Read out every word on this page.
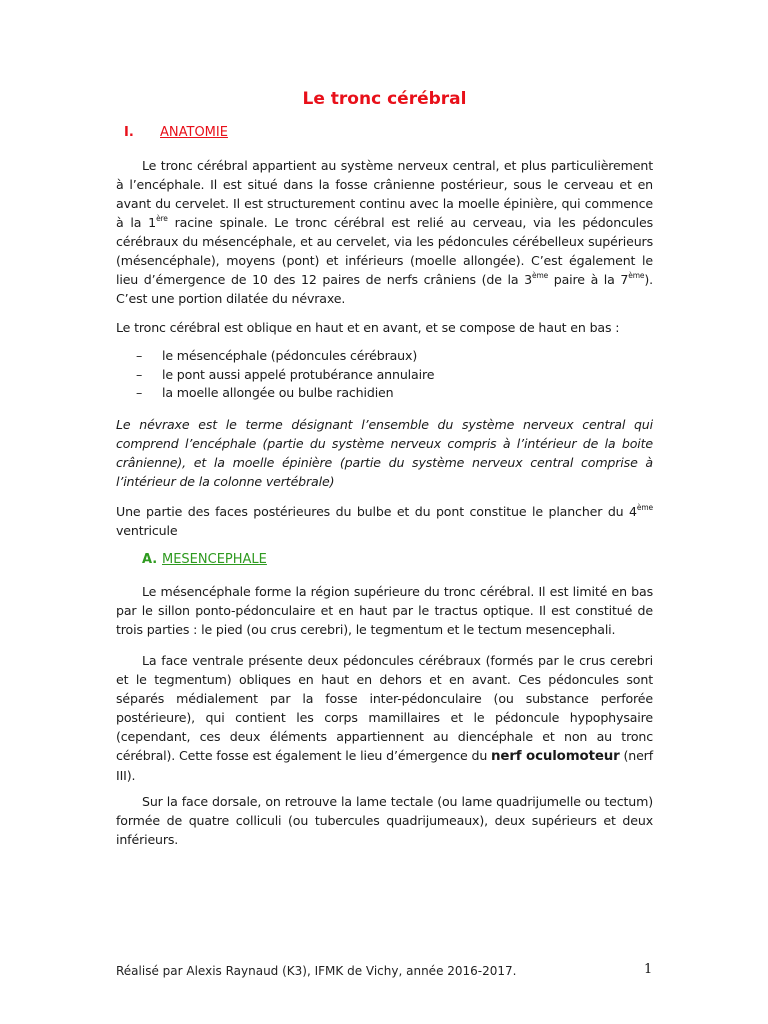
Le tronc cérébral
I. ANATOMIE

Le tronc cérébral appartient au système nerveux central, et plus particulièrement à l’encéphale. Il est situé dans la fosse crânienne postérieur, sous le cerveau et en avant du cervelet. Il est structurement continu avec la moelle épinière, qui commence à la 1ère racine spinale. Le tronc cérébral est relié au cerveau, via les pédoncules cérébraux du mésencéphale, et au cervelet, via les pédoncules cérébelleux supérieurs (mésencéphale), moyens (pont) et inférieurs (moelle allongée). C’est également le lieu d’émergence de 10 des 12 paires de nerfs crâniens (de la 3ème paire à la 7ème). C’est une portion dilatée du névraxe.

Le tronc cérébral est oblique en haut et en avant, et se compose de haut en bas :

– le mésencéphale (pédoncules cérébraux)
– le pont aussi appelé protubérance annulaire
– la moelle allongée ou bulbe rachidien

Le névraxe est le terme désignant l’ensemble du système nerveux central qui comprend l’encéphale (partie du système nerveux compris à l’intérieur de la boite crânienne), et la moelle épinière (partie du système nerveux central comprise à l’intérieur de la colonne vertébrale)

Une partie des faces postérieures du bulbe et du pont constitue le plancher du 4ème ventricule

A. MESENCEPHALE

Le mésencéphale forme la région supérieure du tronc cérébral. Il est limité en bas par le sillon ponto-pédonculaire et en haut par le tractus optique. Il est constitué de trois parties : le pied (ou crus cerebri), le tegmentum et le tectum mesencephali.

La face ventrale présente deux pédoncules cérébraux (formés par le crus cerebri et le tegmentum) obliques en haut en dehors et en avant. Ces pédoncules sont séparés médialement par la fosse inter-pédonculaire (ou substance perforée postérieure), qui contient les corps mamillaires et le pédoncule hypophysaire (cependant, ces deux éléments appartiennent au diencéphale et non au tronc cérébral). Cette fosse est également le lieu d’émergence du nerf oculomoteur (nerf III).

Sur la face dorsale, on retrouve la lame tectale (ou lame quadrijumelle ou tectum) formée de quatre colliculi (ou tubercules quadrijumeaux), deux supérieurs et deux inférieurs.

Réalisé par Alexis Raynaud (K3), IFMK de Vichy, année 2016-2017.	1
